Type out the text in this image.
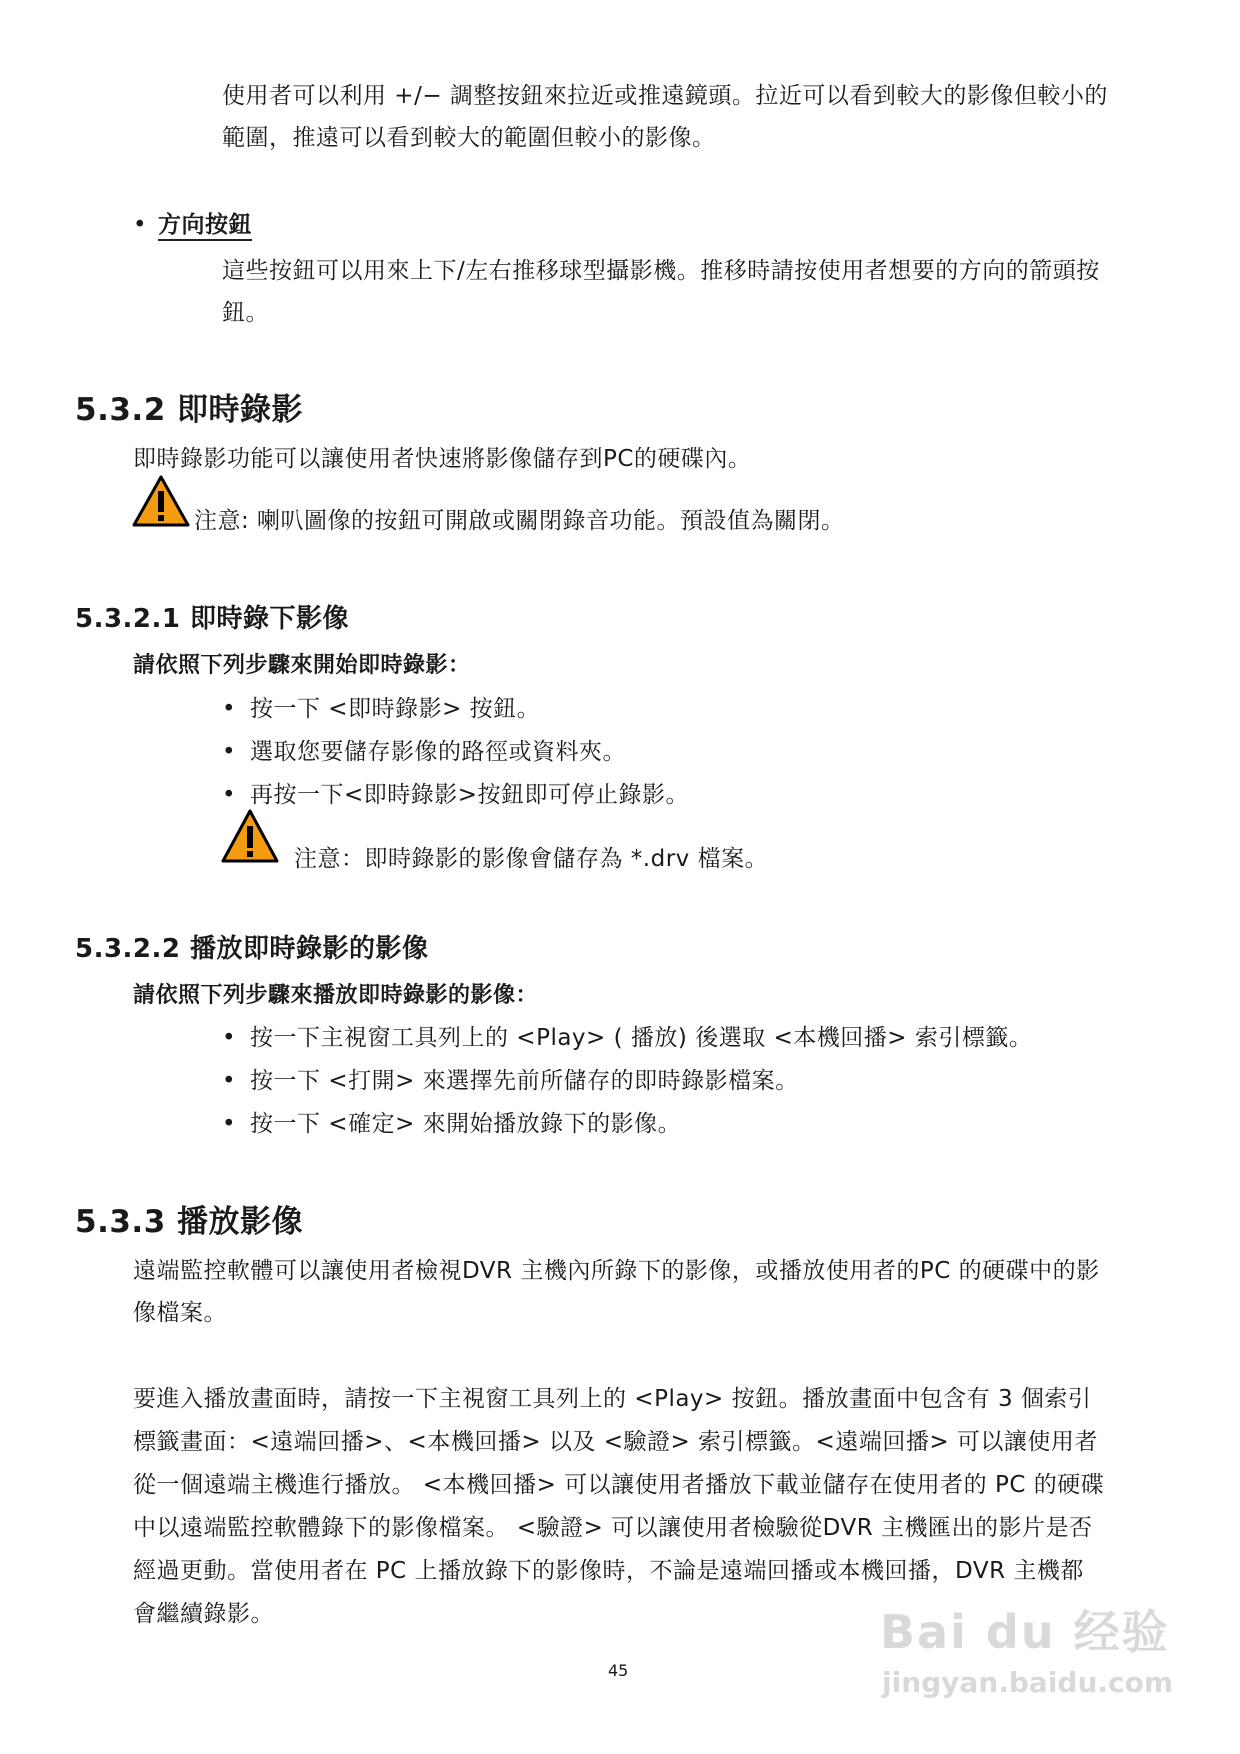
使用者可以利用 +/− 調整按鈕來拉近或推遠鏡頭。拉近可以看到較大的影像但較小的
範圍，推遠可以看到較大的範圍但較小的影像。
• 方向按鈕
這些按鈕可以用來上下/左右推移球型攝影機。推移時請按使用者想要的方向的箭頭按
鈕。
5.3.2 即時錄影
即時錄影功能可以讓使用者快速將影像儲存到PC的硬碟內。
注意: 喇叭圖像的按鈕可開啟或關閉錄音功能。預設值為關閉。
5.3.2.1 即時錄下影像
請依照下列步驟來開始即時錄影：
• 按一下 <即時錄影> 按鈕。
• 選取您要儲存影像的路徑或資料夾。
• 再按一下<即時錄影>按鈕即可停止錄影。
注意：即時錄影的影像會儲存為 *.drv 檔案。
5.3.2.2 播放即時錄影的影像
請依照下列步驟來播放即時錄影的影像：
• 按一下主視窗工具列上的 <Play> ( 播放) 後選取 <本機回播> 索引標籤。
• 按一下 <打開> 來選擇先前所儲存的即時錄影檔案。
• 按一下 <確定> 來開始播放錄下的影像。
5.3.3 播放影像
遠端監控軟體可以讓使用者檢視DVR 主機內所錄下的影像，或播放使用者的PC 的硬碟中的影
像檔案。
要進入播放畫面時，請按一下主視窗工具列上的 <Play> 按鈕。播放畫面中包含有 3 個索引
標籤畫面：<遠端回播>、<本機回播> 以及 <驗證> 索引標籤。<遠端回播> 可以讓使用者
從一個遠端主機進行播放。 <本機回播> 可以讓使用者播放下載並儲存在使用者的 PC 的硬碟
中以遠端監控軟體錄下的影像檔案。 <驗證> 可以讓使用者檢驗從DVR 主機匯出的影片是否
經過更動。當使用者在 PC 上播放錄下的影像時，不論是遠端回播或本機回播，DVR 主機都
會繼續錄影。
45
Bai du 经验
jingyan.baidu.com
